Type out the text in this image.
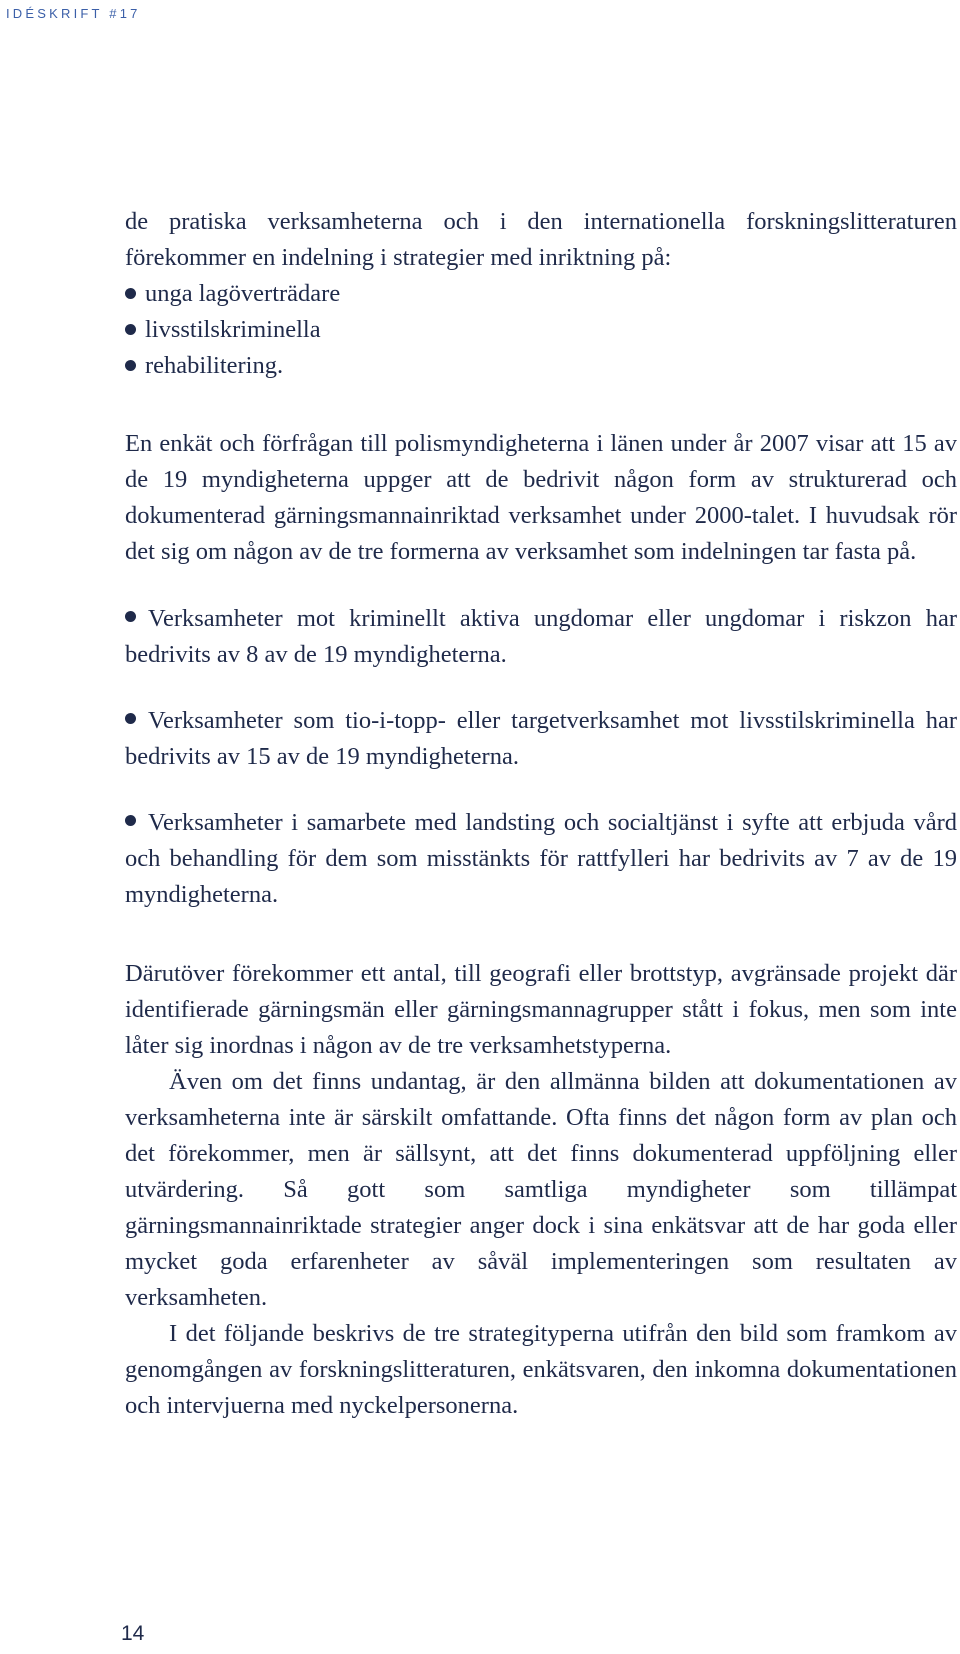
IDÉSKRIFT #17

de pratiska verksamheterna och i den internationella forskningslitteraturen förekommer en indelning i strategier med inriktning på:

unga lagöverträdare
livsstilskriminella
rehabilitering.

En enkät och förfrågan till polismyndigheterna i länen under år 2007 visar att 15 av de 19 myndigheterna uppger att de bedrivit någon form av strukturerad och dokumenterad gärningsmannainriktad verksamhet under 2000-talet. I huvudsak rör det sig om någon av de tre formerna av verksamhet som indelningen tar fasta på.

Verksamheter mot kriminellt aktiva ungdomar eller ungdomar i riskzon har bedrivits av 8 av de 19 myndigheterna.

Verksamheter som tio-i-topp- eller targetverksamhet mot livsstilskriminella har bedrivits av 15 av de 19 myndigheterna.

Verksamheter i samarbete med landsting och socialtjänst i syfte att erbjuda vård och behandling för dem som misstänkts för rattfylleri har bedrivits av 7 av de 19 myndigheterna.

Därutöver förekommer ett antal, till geografi eller brottstyp, avgränsade projekt där identifierade gärningsmän eller gärningsmannagrupper stått i fokus, men som inte låter sig inordnas i någon av de tre verksamhetstyperna.

Även om det finns undantag, är den allmänna bilden att dokumentationen av verksamheterna inte är särskilt omfattande. Ofta finns det någon form av plan och det förekommer, men är sällsynt, att det finns dokumenterad uppföljning eller utvärdering. Så gott som samtliga myndigheter som tillämpat gärningsmannainriktade strategier anger dock i sina enkätsvar att de har goda eller mycket goda erfarenheter av såväl implementeringen som resultaten av verksamheten.

I det följande beskrivs de tre strategityperna utifrån den bild som framkom av genomgången av forskningslitteraturen, enkätsvaren, den inkomna dokumentationen och intervjuerna med nyckelpersonerna.

14
